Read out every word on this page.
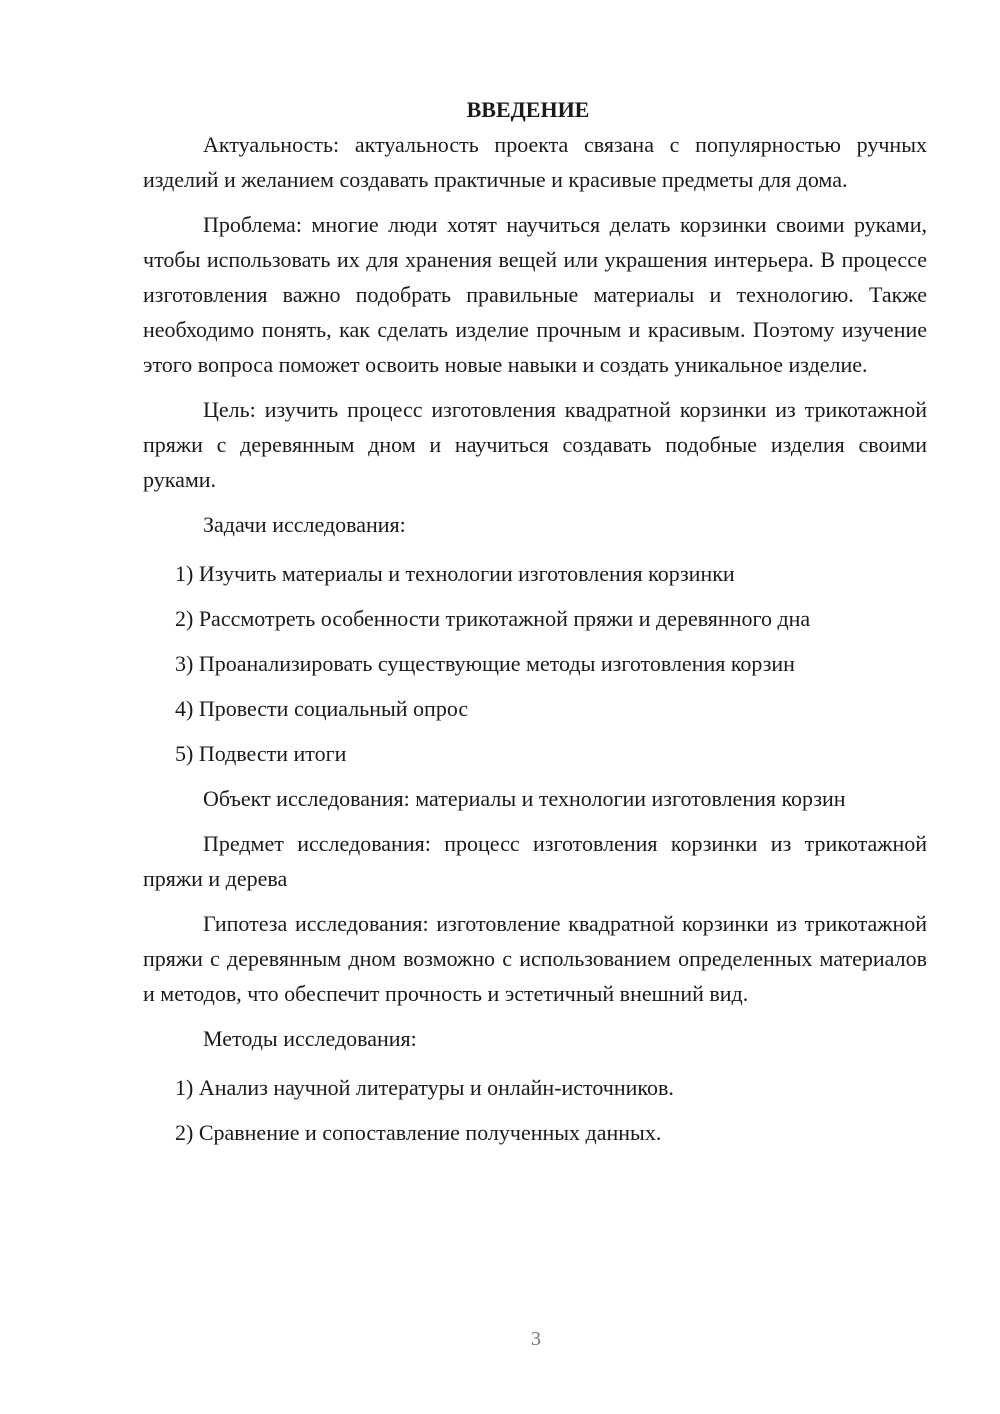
ВВЕДЕНИЕ

Актуальность: актуальность проекта связана с популярностью ручных изделий и желанием создавать практичные и красивые предметы для дома.

Проблема: многие люди хотят научиться делать корзинки своими руками, чтобы использовать их для хранения вещей или украшения интерьера. В процессе изготовления важно подобрать правильные материалы и технологию. Также необходимо понять, как сделать изделие прочным и красивым. Поэтому изучение этого вопроса поможет освоить новые навыки и создать уникальное изделие.

Цель: изучить процесс изготовления квадратной корзинки из трикотажной пряжи с деревянным дном и научиться создавать подобные изделия своими руками.

Задачи исследования:

1) Изучить материалы и технологии изготовления корзинки
2) Рассмотреть особенности трикотажной пряжи и деревянного дна
3) Проанализировать существующие методы изготовления корзин
4) Провести социальный опрос
5) Подвести итоги

Объект исследования: материалы и технологии изготовления корзин

Предмет исследования: процесс изготовления корзинки из трикотажной пряжи и дерева

Гипотеза исследования: изготовление квадратной корзинки из трикотажной пряжи с деревянным дном возможно с использованием определенных материалов и методов, что обеспечит прочность и эстетичный внешний вид.

Методы исследования:

1) Анализ научной литературы и онлайн-источников.
2) Сравнение и сопоставление полученных данных.
3
